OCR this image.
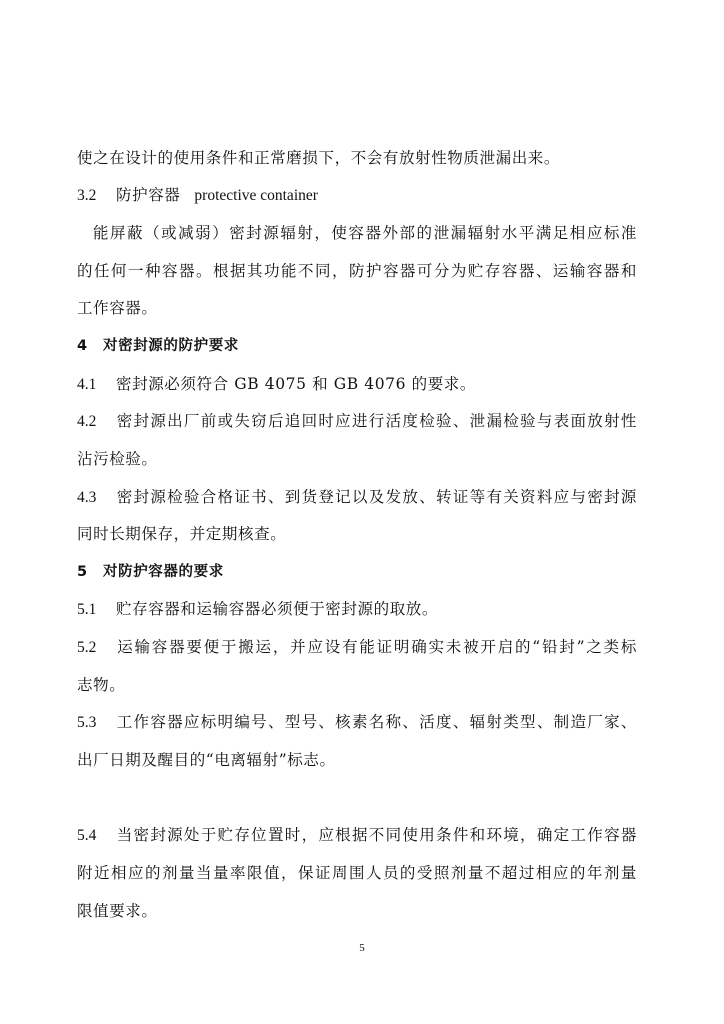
使之在设计的使用条件和正常磨损下，不会有放射性物质泄漏出来。
3.2 防护容器 protective container
能屏蔽（或减弱）密封源辐射，使容器外部的泄漏辐射水平满足相应标准
的任何一种容器。根据其功能不同，防护容器可分为贮存容器、运输容器和
工作容器。
4 对密封源的防护要求
4.1 密封源必须符合 GB 4075 和 GB 4076 的要求。
4.2 密封源出厂前或失窃后追回时应进行活度检验、泄漏检验与表面放射性
沾污检验。
4.3 密封源检验合格证书、到货登记以及发放、转证等有关资料应与密封源
同时长期保存，并定期核查。
5 对防护容器的要求
5.1 贮存容器和运输容器必须便于密封源的取放。
5.2 运输容器要便于搬运，并应设有能证明确实未被开启的“铅封”之类标
志物。
5.3 工作容器应标明编号、型号、核素名称、活度、辐射类型、制造厂家、
出厂日期及醒目的“电离辐射”标志。
5.4 当密封源处于贮存位置时，应根据不同使用条件和环境，确定工作容器
附近相应的剂量当量率限值，保证周围人员的受照剂量不超过相应的年剂量
限值要求。
5
